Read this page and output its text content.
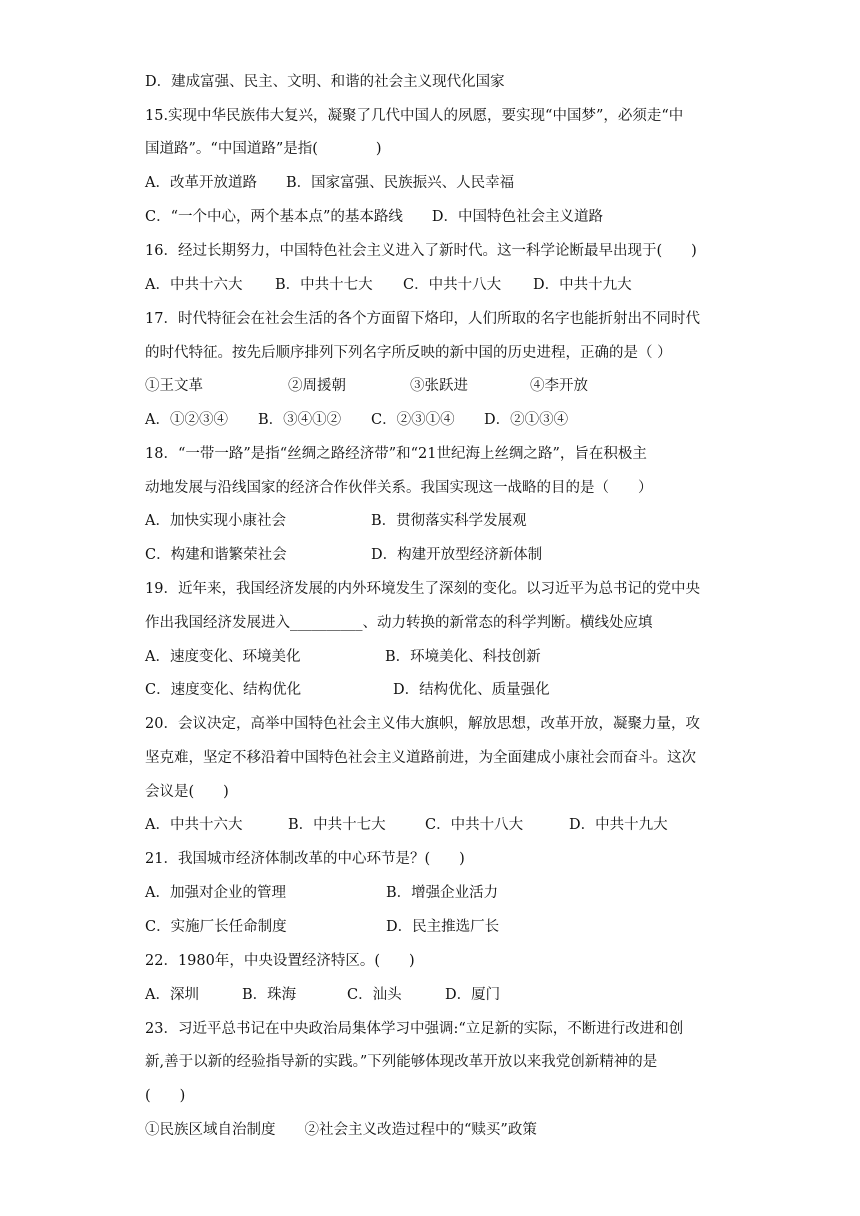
D．建成富强、民主、文明、和谐的社会主义现代化国家
15.实现中华民族伟大复兴，凝聚了几代中国人的夙愿，要实现“中国梦”，必须走“中
国道路”。“中国道路”是指(　　　　)
A．改革开放道路　　B．国家富强、民族振兴、人民幸福
C．“一个中心，两个基本点”的基本路线　　D．中国特色社会主义道路
16．经过长期努力，中国特色社会主义进入了新时代。这一科学论断最早出现于(　　)
A．中共十六大	B．中共十七大	C．中共十八大	D．中共十九大
17．时代特征会在社会生活的各个方面留下烙印，人们所取的名字也能折射出不同时代
的时代特征。按先后顺序排列下列名字所反映的新中国的历史进程，正确的是（ ）
①王文革	②周援朝	③张跃进	④李开放
A．①②③④	B．③④①②	C．②③①④	D．②①③④
18．“一带一路”是指“丝绸之路经济带”和“21世纪海上丝绸之路”，旨在积极主
动地发展与沿线国家的经济合作伙伴关系。我国实现这一战略的目的是（　　）
A．加快实现小康社会	B．贯彻落实科学发展观
C．构建和谐繁荣社会	D．构建开放型经济新体制
19．近年来，我国经济发展的内外环境发生了深刻的变化。以习近平为总书记的党中央
作出我国经济发展进入__________、动力转换的新常态的科学判断。横线处应填
A．速度变化、环境美化	B．环境美化、科技创新
C．速度变化、结构优化	D．结构优化、质量强化
20．会议决定，高举中国特色社会主义伟大旗帜，解放思想，改革开放，凝聚力量，攻
坚克难，坚定不移沿着中国特色社会主义道路前进，为全面建成小康社会而奋斗。这次
会议是(　　)
A．中共十六大	B．中共十七大	C．中共十八大	D．中共十九大
21．我国城市经济体制改革的中心环节是？(　　)
A．加强对企业的管理	B．增强企业活力
C．实施厂长任命制度	D．民主推选厂长
22．1980年，中央设置经济特区。(　　)
A．深圳	B．珠海	C．汕头	D．厦门
23．习近平总书记在中央政治局集体学习中强调:“立足新的实际，不断进行改进和创
新,善于以新的经验指导新的实践。”下列能够体现改革开放以来我党创新精神的是
(　　)
①民族区域自治制度　　②社会主义改造过程中的“赎买”政策
